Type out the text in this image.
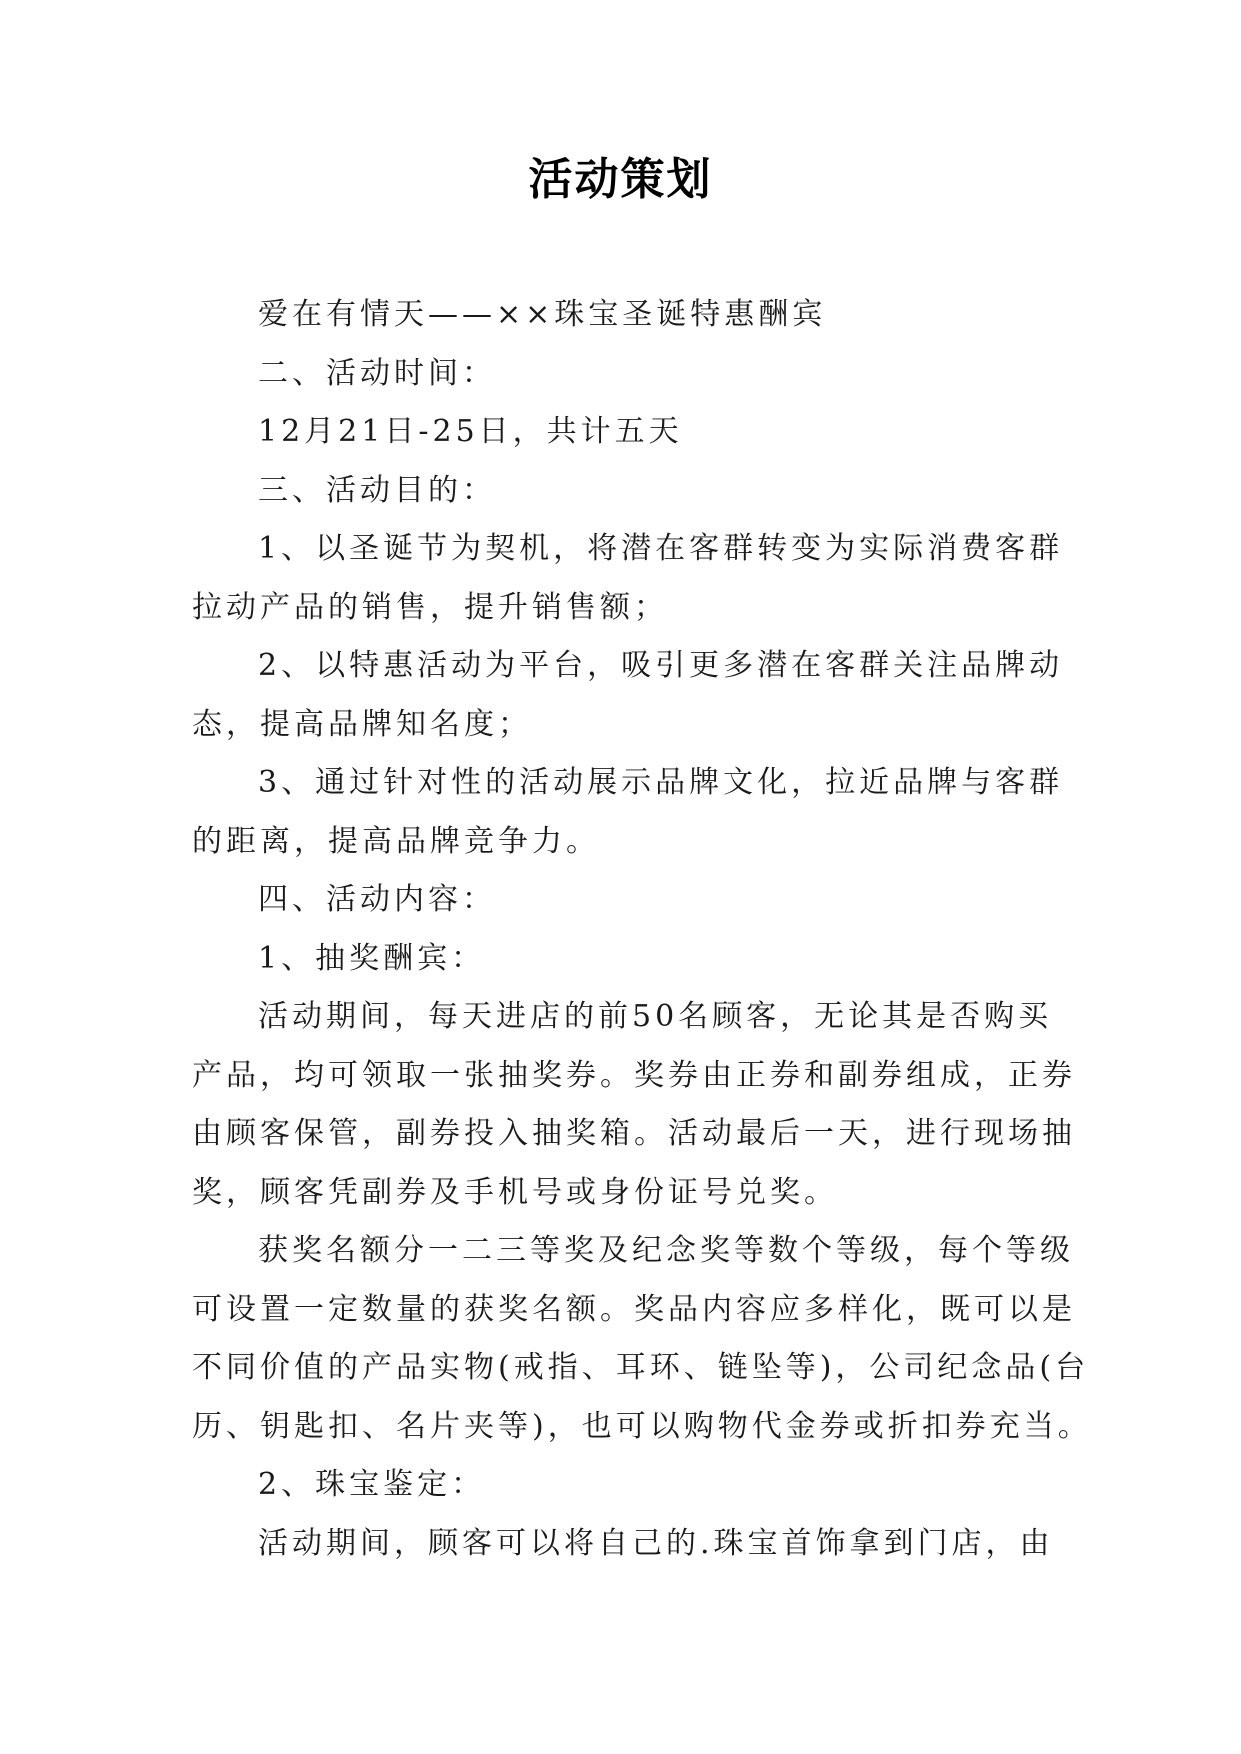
活动策划
爱在有情天——××珠宝圣诞特惠酬宾
二、活动时间：
12月21日-25日，共计五天
三、活动目的：
1、以圣诞节为契机，将潜在客群转变为实际消费客群
拉动产品的销售，提升销售额；
2、以特惠活动为平台，吸引更多潜在客群关注品牌动
态，提高品牌知名度；
3、通过针对性的活动展示品牌文化，拉近品牌与客群
的距离，提高品牌竞争力。
四、活动内容：
1、抽奖酬宾：
活动期间，每天进店的前50名顾客，无论其是否购买
产品，均可领取一张抽奖券。奖券由正券和副券组成，正券
由顾客保管，副券投入抽奖箱。活动最后一天，进行现场抽
奖，顾客凭副券及手机号或身份证号兑奖。
获奖名额分一二三等奖及纪念奖等数个等级，每个等级
可设置一定数量的获奖名额。奖品内容应多样化，既可以是
不同价值的产品实物(戒指、耳环、链坠等)，公司纪念品(台
历、钥匙扣、名片夹等)，也可以购物代金券或折扣券充当。
2、珠宝鉴定：
活动期间，顾客可以将自己的.珠宝首饰拿到门店，由
